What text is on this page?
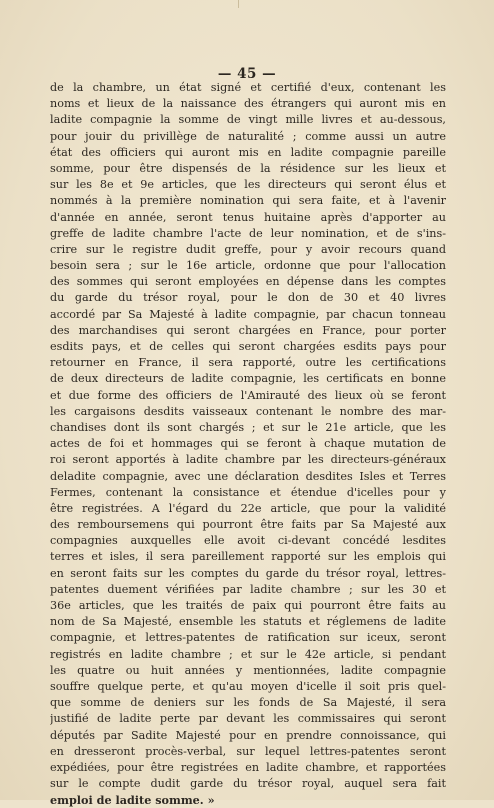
— 45 —
de la chambre, un état signé et certifié d'eux, contenant les
noms et lieux de la naissance des étrangers qui auront mis en
ladite compagnie la somme de vingt mille livres et au-dessous,
pour jouir du privillège de naturalité ; comme aussi un autre
état des officiers qui auront mis en ladite compagnie pareille
somme, pour être dispensés de la résidence sur les lieux et
sur les 8e et 9e articles, que les directeurs qui seront élus et
nommés à la première nomination qui sera faite, et à l'avenir
d'année en année, seront tenus huitaine après d'apporter au
greffe de ladite chambre l'acte de leur nomination, et de s'ins-
crire sur le registre dudit greffe, pour y avoir recours quand
besoin sera ; sur le 16e article, ordonne que pour l'allocation
des sommes qui seront employées en dépense dans les comptes
du garde du trésor royal, pour le don de 30 et 40 livres
accordé par Sa Majesté à ladite compagnie, par chacun tonneau
des marchandises qui seront chargées en France, pour porter
esdits pays, et de celles qui seront chargées esdits pays pour
retourner en France, il sera rapporté, outre les certifications
de deux directeurs de ladite compagnie, les certificats en bonne
et due forme des officiers de l'Amirauté des lieux où se feront
les cargaisons desdits vaisseaux contenant le nombre des mar-
chandises dont ils sont chargés ; et sur le 21e article, que les
actes de foi et hommages qui se feront à chaque mutation de
roi seront apportés à ladite chambre par les directeurs-généraux
deladite compagnie, avec une déclaration desdites Isles et Terres
Fermes, contenant la consistance et étendue d'icelles pour y
être registrées. A l'égard du 22e article, que pour la validité
des remboursemens qui pourront être faits par Sa Majesté aux
compagnies auxquelles elle avoit ci-devant concédé lesdites
terres et isles, il sera pareillement rapporté sur les emplois qui
en seront faits sur les comptes du garde du trésor royal, lettres-
patentes duement vérifiées par ladite chambre ; sur les 30 et
36e articles, que les traités de paix qui pourront être faits au
nom de Sa Majesté, ensemble les statuts et réglemens de ladite
compagnie, et lettres-patentes de ratification sur iceux, seront
registrés en ladite chambre ; et sur le 42e article, si pendant
les quatre ou huit années y mentionnées, ladite compagnie
souffre quelque perte, et qu'au moyen d'icelle il soit pris quel-
que somme de deniers sur les fonds de Sa Majesté, il sera
justifié de ladite perte par devant les commissaires qui seront
députés par Sadite Majesté pour en prendre connoissance, qui
en dresseront procès-verbal, sur lequel lettres-patentes seront
expédiées, pour être registrées en ladite chambre, et rapportées
sur le compte dudit garde du trésor royal, auquel sera fait
emploi de ladite somme. »
